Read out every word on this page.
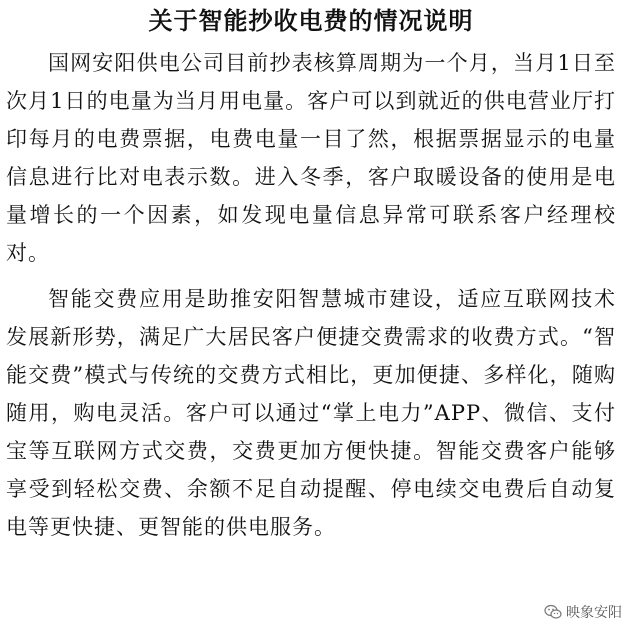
关于智能抄收电费的情况说明

国网安阳供电公司目前抄表核算周期为一个月，当月1日至次月1日的电量为当月用电量。客户可以到就近的供电营业厅打印每月的电费票据，电费电量一目了然，根据票据显示的电量信息进行比对电表示数。进入冬季，客户取暖设备的使用是电量增长的一个因素，如发现电量信息异常可联系客户经理校对。

智能交费应用是助推安阳智慧城市建设，适应互联网技术发展新形势，满足广大居民客户便捷交费需求的收费方式。“智能交费”模式与传统的交费方式相比，更加便捷、多样化，随购随用，购电灵活。客户可以通过“掌上电力”APP、微信、支付宝等互联网方式交费，交费更加方便快捷。智能交费客户能够享受到轻松交费、余额不足自动提醒、停电续交电费后自动复电等更快捷、更智能的供电服务。

映象安阳
